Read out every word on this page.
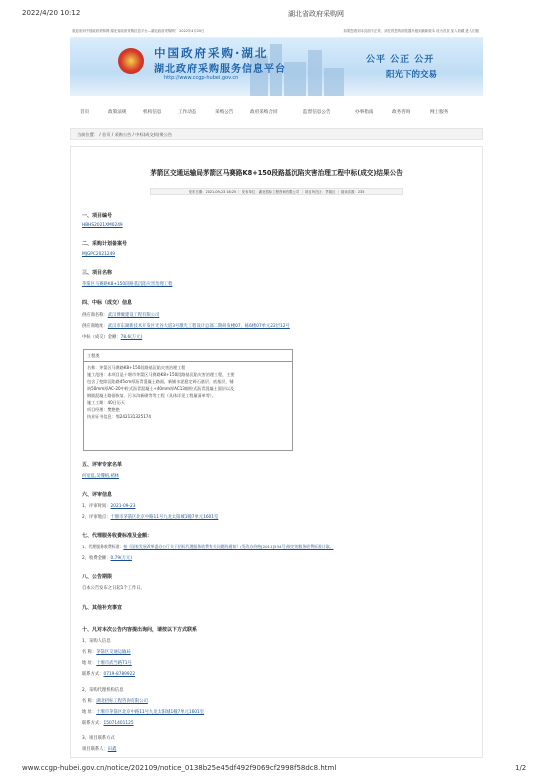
2022/4/20 10:12	湖北省政府采购网
欢迎来到中国政府采购网·湖北省政府采购信息平台—湖北政府采购网！ 2022年4月20日	如果您看到本页面不正常，请在将您的浏览器升级到最新版本 设为首页 加入收藏 进入旧版
中国政府采购·湖北
湖北政府采购服务信息平台
http://www.ccgp-hubei.gov.cn
公平 公正 公开
阳光下的交易
首页	政策法规	机构信息	工作动态	采购公告	政府采购合同	监督信息公告	办事指南	政务咨询	网上服务
当前位置： / 首页 / 采购公告 / 中标(成交)结果公告
茅箭区交通运输局茅箭区马赛路K8+150段路基沉陷灾害治理工程中标(成交)结果公告
发布日期：2021-09-23 18:25 ｜ 发布单位：湖北招标工程咨询有限公司 ｜ 项目所在区：茅箭区 ｜ 阅读次数：235
一、项目编号
HBHS2021XM0249
二、采购计划备案号
MJGPC2021249
三、项目名称
茅箭区马赛路K8+150段路基沉陷灾害治理工程
四、中标（成交）信息
供应商名称：武汉博翼建设工程有限公司
供应商地址：武汉市东湖新技术开发区光谷大道3号激光工程设计总部二期研发楼07、栋6楼07单元22层12号
中标（成交）金额：78.6(万元)
工程类
名称：茅箭区马赛路K8+150段路基沉陷灾害治理工程
施工范围：本项目是十堰市茅箭区马赛路K8+150段路基沉陷灾害治理工程，主要
包含了挖除沉陷路45cm厚沥青混凝土路面，新铺水泥稳定碎石基层、底基层，铺
筑50mm厚AC-20中粒式沥青混凝土+40mm厚AC13细粒式沥青混凝土面层以及
钢筋混凝土路面恢复、污水沟新砌等等工程（具体详见工程量清单等）。
施工工期：40日历天
项目经理：樊艳艳
执业证书信息：鄂242131325174
五、评审专家名单
何宽乱,吴懂植,褚林
六、评审信息
1、评审时间：2021-09-23
2、评审地点：十堰市茅箭区北京中路11号九龙太阳城1幢7单元1601室
七、代理服务收费标准及金额：
1、代理服务收费标准：按《国家发展改革委办公厅关于招标代理服务收费有关问题的通知》(发改办价格[2011]534号)规定的服务收费标准计取。
2、收费金额：0.79(万元)
八、公告期限
自本公告发布之日起1个工作日。
九、其他补充事宜
十、凡对本次公告内容提出询问，请按以下方式联系
1、采购人信息
名 称：茅箭区交通运输局
地 址：十堰市武当路71号
联系方式：0719-8789922
2、采购代理机构信息
名 称：湖北招标工程咨询有限公司
地 址：十堰市茅箭区北京中路11号九龙太阳城1幢7单元1601室
联系方式：15071401125
3、项目联系方式
项目联系人：田鑫
www.ccgp-hubei.gov.cn/notice/202109/notice_0138b25e45df492f9069cf2998f58dc8.html	1/2
